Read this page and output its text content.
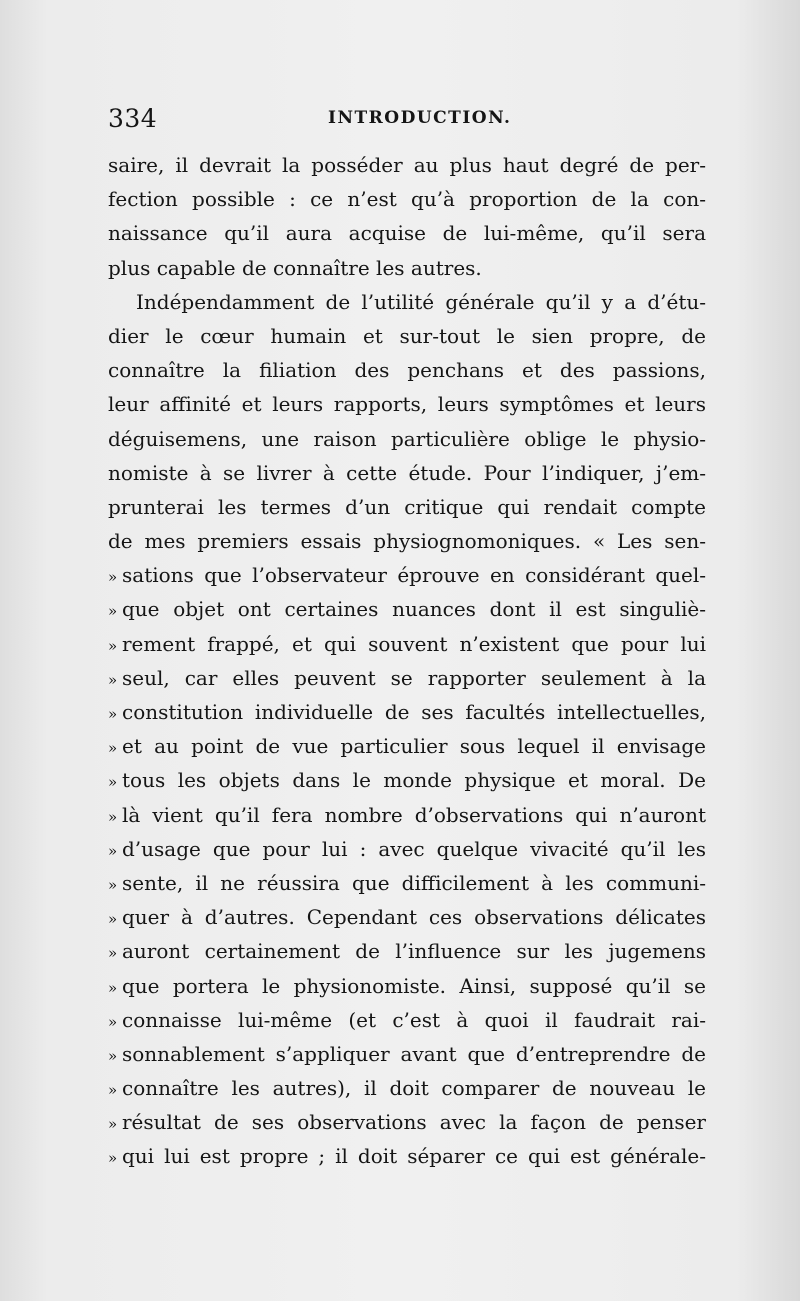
334	INTRODUCTION.
saire, il devrait la posséder au plus haut degré de per-
fection possible : ce n’est qu’à proportion de la con-
naissance qu’il aura acquise de lui-même, qu’il sera
plus capable de connaître les autres.
Indépendamment de l’utilité générale qu’il y a d’étu-
dier le cœur humain et sur-tout le sien propre, de
connaître la filiation des penchans et des passions,
leur affinité et leurs rapports, leurs symptômes et leurs
déguisemens, une raison particulière oblige le physio-
nomiste à se livrer à cette étude. Pour l’indiquer, j’em-
prunterai les termes d’un critique qui rendait compte
de mes premiers essais physiognomoniques. « Les sen-
» sations que l’observateur éprouve en considérant quel-
» que objet ont certaines nuances dont il est singuliè-
» rement frappé, et qui souvent n’existent que pour lui
» seul, car elles peuvent se rapporter seulement à la
» constitution individuelle de ses facultés intellectuelles,
» et au point de vue particulier sous lequel il envisage
» tous les objets dans le monde physique et moral. De
» là vient qu’il fera nombre d’observations qui n’auront
» d’usage que pour lui : avec quelque vivacité qu’il les
» sente, il ne réussira que difficilement à les communi-
» quer à d’autres. Cependant ces observations délicates
» auront certainement de l’influence sur les jugemens
» que portera le physionomiste. Ainsi, supposé qu’il se
» connaisse lui-même (et c’est à quoi il faudrait rai-
» sonnablement s’appliquer avant que d’entreprendre de
» connaître les autres), il doit comparer de nouveau le
» résultat de ses observations avec la façon de penser
» qui lui est propre ; il doit séparer ce qui est générale-
